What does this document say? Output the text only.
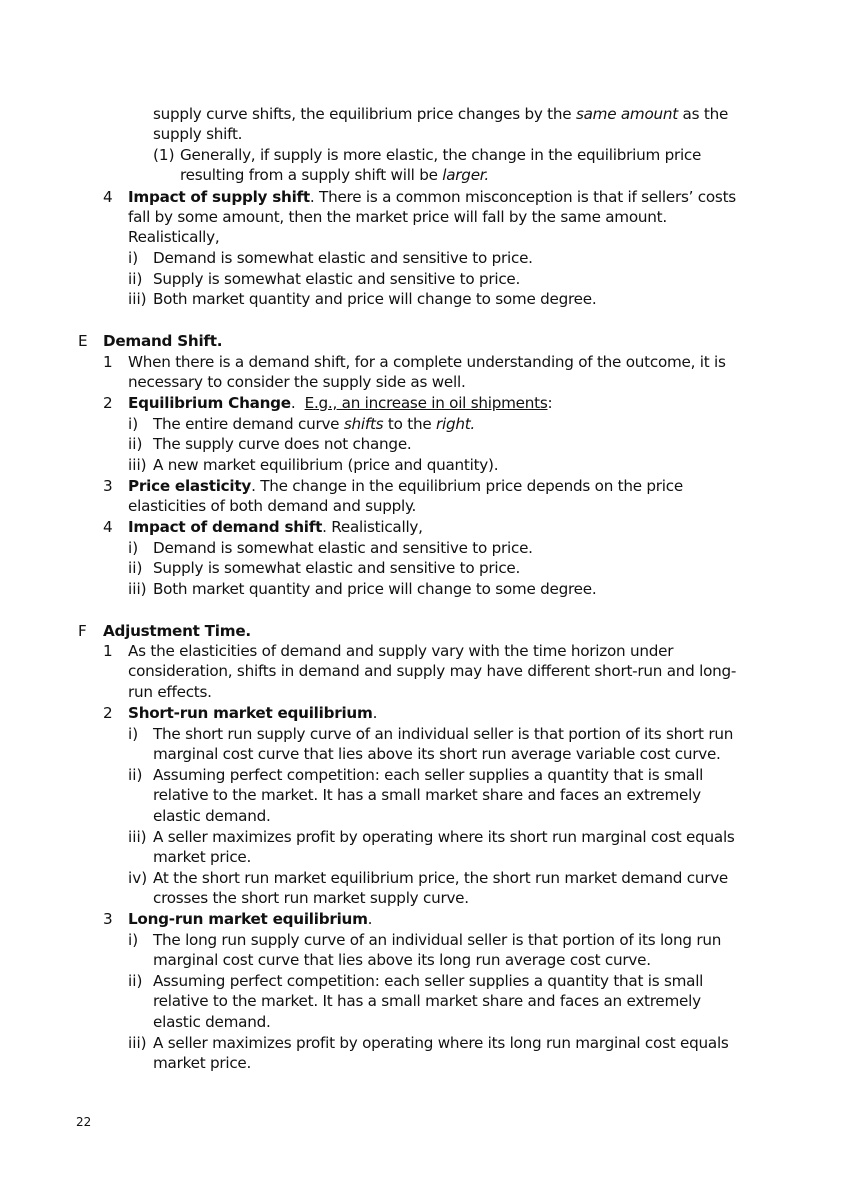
supply curve shifts, the equilibrium price changes by the same amount as the
supply shift.
(1) Generally, if supply is more elastic, the change in the equilibrium price
resulting from a supply shift will be larger.
4 Impact of supply shift. There is a common misconception is that if sellers’ costs
fall by some amount, then the market price will fall by the same amount.
Realistically,
i) Demand is somewhat elastic and sensitive to price.
ii) Supply is somewhat elastic and sensitive to price.
iii) Both market quantity and price will change to some degree.
E Demand Shift.
1 When there is a demand shift, for a complete understanding of the outcome, it is
necessary to consider the supply side as well.
2 Equilibrium Change.  E.g., an increase in oil shipments:
i) The entire demand curve shifts to the right.
ii) The supply curve does not change.
iii) A new market equilibrium (price and quantity).
3 Price elasticity. The change in the equilibrium price depends on the price
elasticities of both demand and supply.
4 Impact of demand shift. Realistically,
i) Demand is somewhat elastic and sensitive to price.
ii) Supply is somewhat elastic and sensitive to price.
iii) Both market quantity and price will change to some degree.
F Adjustment Time.
1 As the elasticities of demand and supply vary with the time horizon under
consideration, shifts in demand and supply may have different short-run and long-
run effects.
2 Short-run market equilibrium.
i) The short run supply curve of an individual seller is that portion of its short run
marginal cost curve that lies above its short run average variable cost curve.
ii) Assuming perfect competition: each seller supplies a quantity that is small
relative to the market. It has a small market share and faces an extremely
elastic demand.
iii) A seller maximizes profit by operating where its short run marginal cost equals
market price.
iv) At the short run market equilibrium price, the short run market demand curve
crosses the short run market supply curve.
3 Long-run market equilibrium.
i) The long run supply curve of an individual seller is that portion of its long run
marginal cost curve that lies above its long run average cost curve.
ii) Assuming perfect competition: each seller supplies a quantity that is small
relative to the market. It has a small market share and faces an extremely
elastic demand.
iii) A seller maximizes profit by operating where its long run marginal cost equals
market price.
22
